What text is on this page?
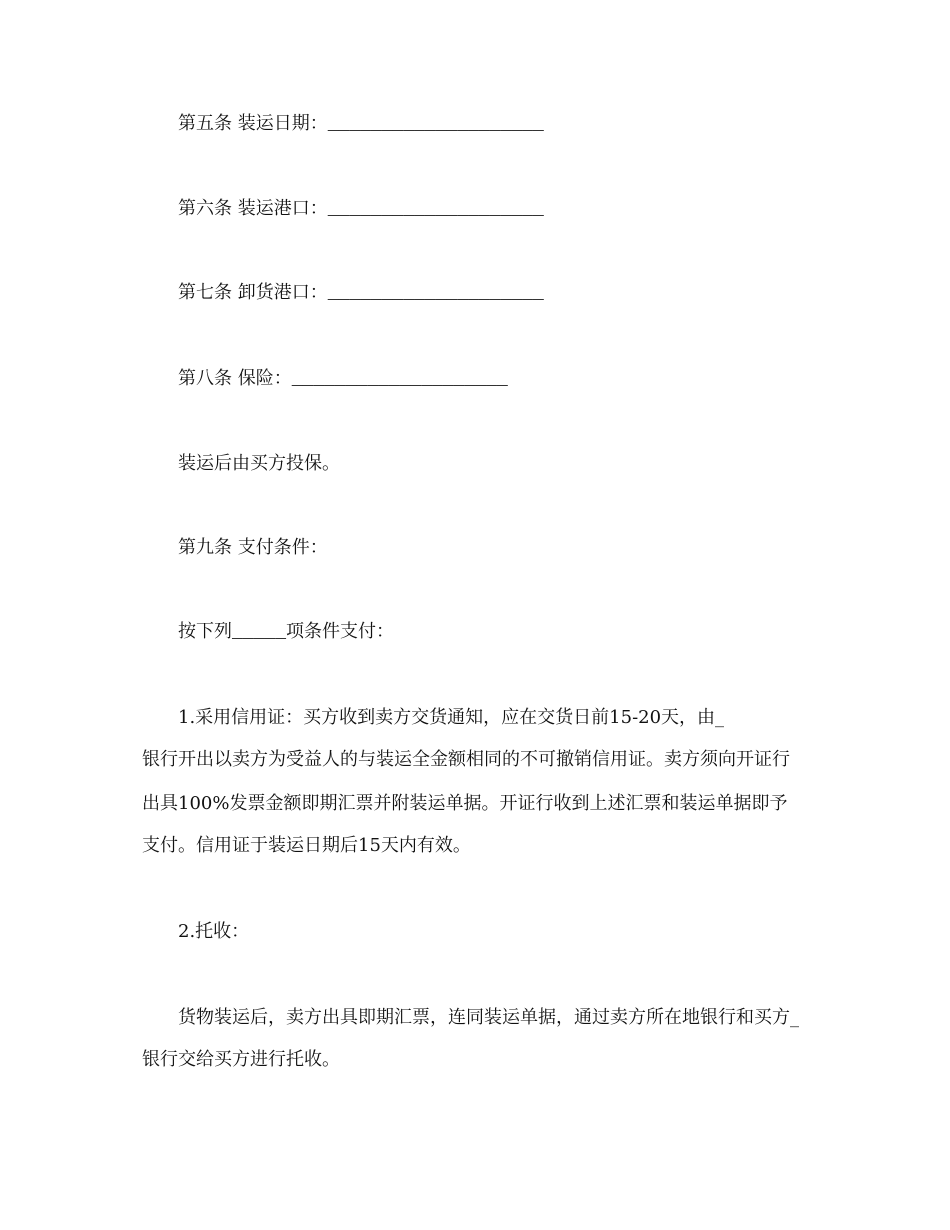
第五条 装运日期：____________________
第六条 装运港口：____________________
第七条 卸货港口：____________________
第八条 保险：____________________
装运后由买方投保。
第九条 支付条件：
按下列_____项条件支付：
1.采用信用证：买方收到卖方交货通知，应在交货日前15-20天，由_
银行开出以卖方为受益人的与装运全金额相同的不可撤销信用证。卖方须向开证行
出具100%发票金额即期汇票并附装运单据。开证行收到上述汇票和装运单据即予
支付。信用证于装运日期后15天内有效。
2.托收：
货物装运后，卖方出具即期汇票，连同装运单据，通过卖方所在地银行和买方_
银行交给买方进行托收。
